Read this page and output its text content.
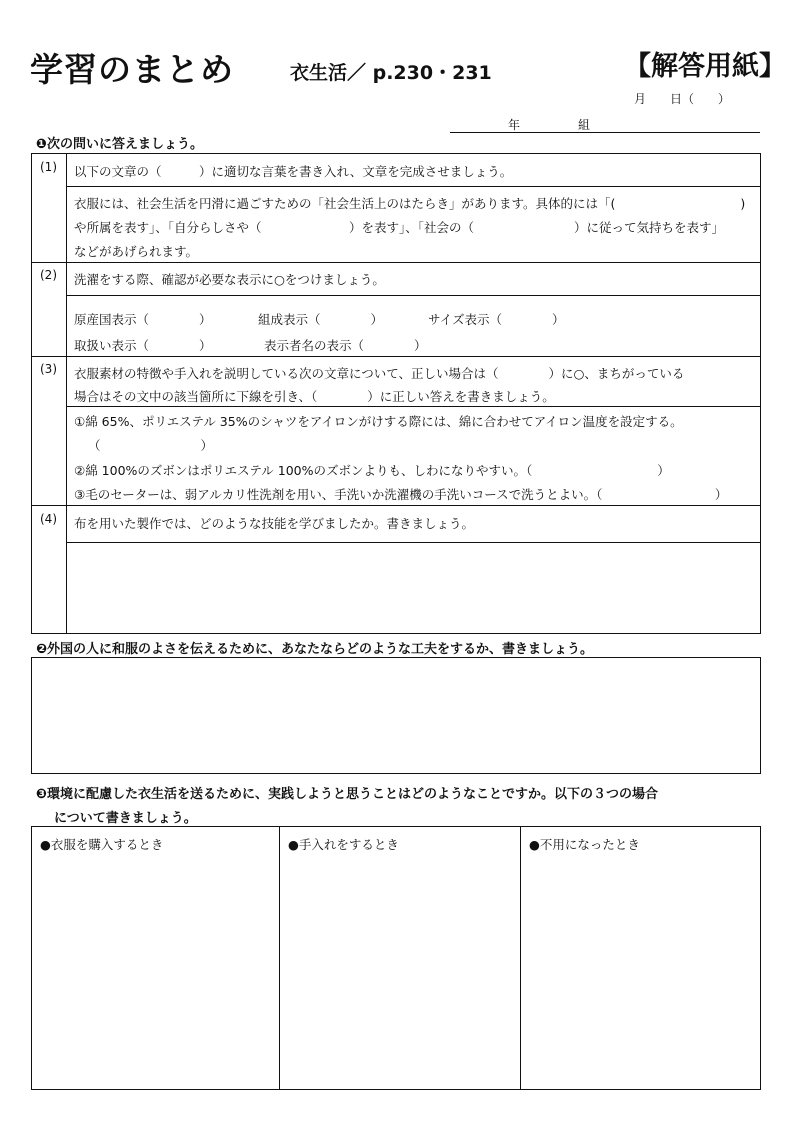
学習のまとめ	衣生活／ p.230・231	【解答用紙】
月　　日（　　）
年	組
❶次の問いに答えましょう。
(1) 以下の文章の（　　　）に適切な言葉を書き入れ、文章を完成させましょう。
衣服には、社会生活を円滑に過ごすための「社会生活上のはたらき」があります。具体的には「(　　　　　　　　　　)
や所属を表す」、「自分らしさや（　　　　　　　）を表す」、「社会の（　　　　　　　　）に従って気持ちを表す」
などがあげられます。
(2) 洗濯をする際、確認が必要な表示に○をつけましょう。
原産国表示（　　　　）	組成表示（　　　　）	サイズ表示（　　　　）
取扱い表示（　　　　）	表示者名の表示（　　　　）
(3) 衣服素材の特徴や手入れを説明している次の文章について、正しい場合は（　　　　）に○、まちがっている
場合はその文中の該当箇所に下線を引き、（　　　　）に正しい答えを書きましょう。
①綿 65%、ポリエステル 35%のシャツをアイロンがけする際には、綿に合わせてアイロン温度を設定する。
（　　　　　　　　）
②綿 100%のズボンはポリエステル 100%のズボンよりも、しわになりやすい。（　　　　　　　　　　）
③毛のセーターは、弱アルカリ性洗剤を用い、手洗いか洗濯機の手洗いコースで洗うとよい。（　　　　　　　　　）
(4) 布を用いた製作では、どのような技能を学びましたか。書きましょう。
❷外国の人に和服のよさを伝えるために、あなたならどのような工夫をするか、書きましょう。
❸環境に配慮した衣生活を送るために、実践しようと思うことはどのようなことですか。以下の３つの場合
について書きましょう。
●衣服を購入するとき	●手入れをするとき	●不用になったとき
